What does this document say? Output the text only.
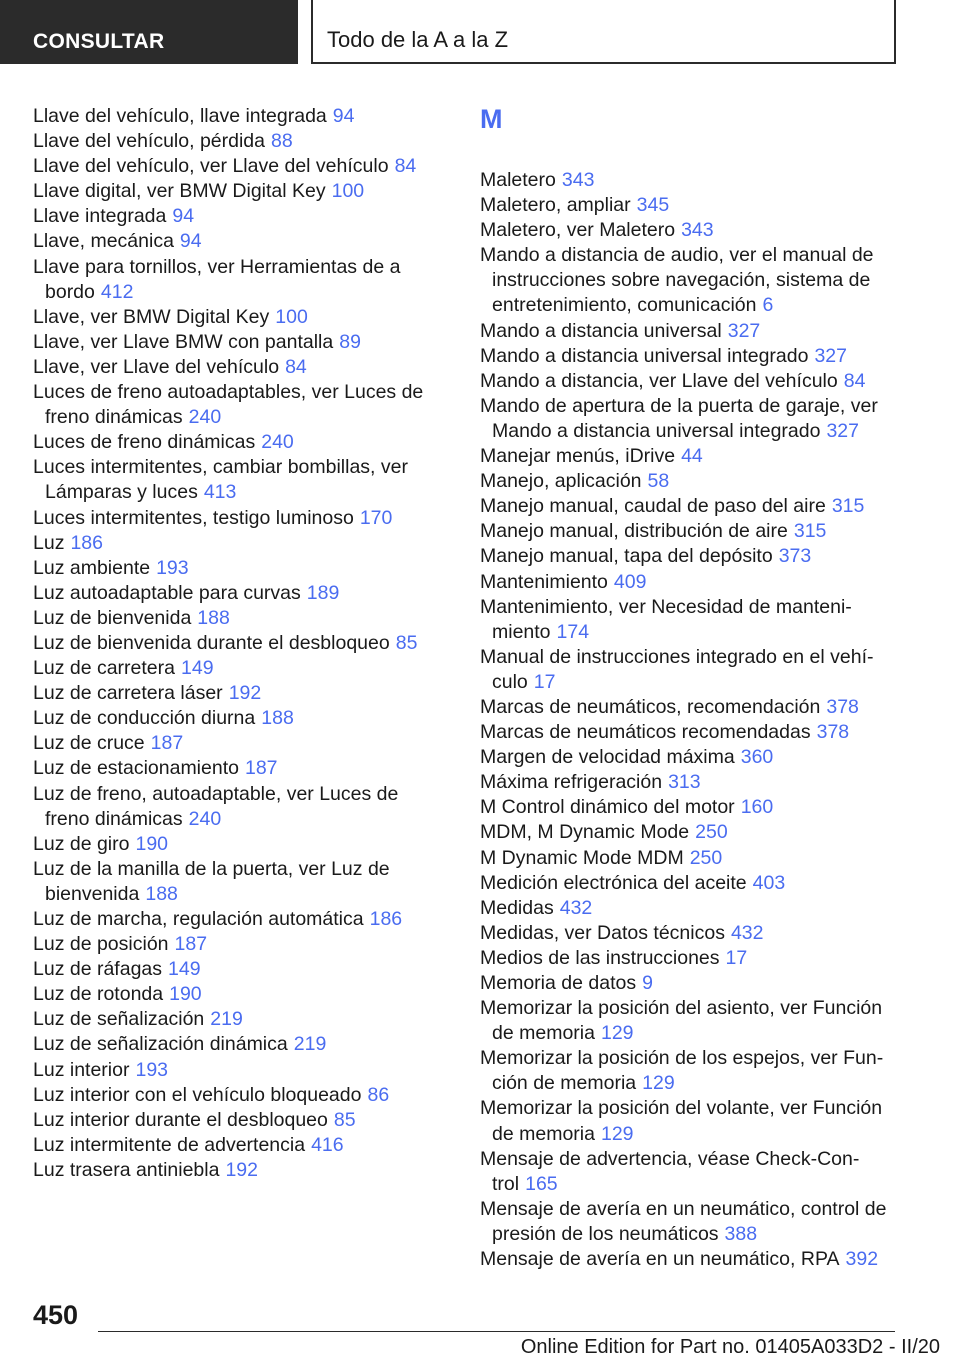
CONSULTAR	Todo de la A a la Z
Llave del vehículo, llave integrada 94
Llave del vehículo, pérdida 88
Llave del vehículo, ver Llave del vehículo 84
Llave digital, ver BMW Digital Key 100
Llave integrada 94
Llave, mecánica 94
Llave para tornillos, ver Herramientas de a bordo 412
Llave, ver BMW Digital Key 100
Llave, ver Llave BMW con pantalla 89
Llave, ver Llave del vehículo 84
Luces de freno autoadaptables, ver Luces de freno dinámicas 240
Luces de freno dinámicas 240
Luces intermitentes, cambiar bombillas, ver Lámparas y luces 413
Luces intermitentes, testigo luminoso 170
Luz 186
Luz ambiente 193
Luz autoadaptable para curvas 189
Luz de bienvenida 188
Luz de bienvenida durante el desbloqueo 85
Luz de carretera 149
Luz de carretera láser 192
Luz de conducción diurna 188
Luz de cruce 187
Luz de estacionamiento 187
Luz de freno, autoadaptable, ver Luces de freno dinámicas 240
Luz de giro 190
Luz de la manilla de la puerta, ver Luz de bienvenida 188
Luz de marcha, regulación automática 186
Luz de posición 187
Luz de ráfagas 149
Luz de rotonda 190
Luz de señalización 219
Luz de señalización dinámica 219
Luz interior 193
Luz interior con el vehículo bloqueado 86
Luz interior durante el desbloqueo 85
Luz intermitente de advertencia 416
Luz trasera antiniebla 192
M
Maletero 343
Maletero, ampliar 345
Maletero, ver Maletero 343
Mando a distancia de audio, ver el manual de instrucciones sobre navegación, sistema de entretenimiento, comunicación 6
Mando a distancia universal 327
Mando a distancia universal integrado 327
Mando a distancia, ver Llave del vehículo 84
Mando de apertura de la puerta de garaje, ver Mando a distancia universal integrado 327
Manejar menús, iDrive 44
Manejo, aplicación 58
Manejo manual, caudal de paso del aire 315
Manejo manual, distribución de aire 315
Manejo manual, tapa del depósito 373
Mantenimiento 409
Mantenimiento, ver Necesidad de mantenimiento 174
Manual de instrucciones integrado en el vehículo 17
Marcas de neumáticos, recomendación 378
Marcas de neumáticos recomendadas 378
Margen de velocidad máxima 360
Máxima refrigeración 313
M Control dinámico del motor 160
MDM, M Dynamic Mode 250
M Dynamic Mode MDM 250
Medición electrónica del aceite 403
Medidas 432
Medidas, ver Datos técnicos 432
Medios de las instrucciones 17
Memoria de datos 9
Memorizar la posición del asiento, ver Función de memoria 129
Memorizar la posición de los espejos, ver Función de memoria 129
Memorizar la posición del volante, ver Función de memoria 129
Mensaje de advertencia, véase Check-Control 165
Mensaje de avería en un neumático, control de presión de los neumáticos 388
Mensaje de avería en un neumático, RPA 392
450
Online Edition for Part no. 01405A033D2 - II/20
